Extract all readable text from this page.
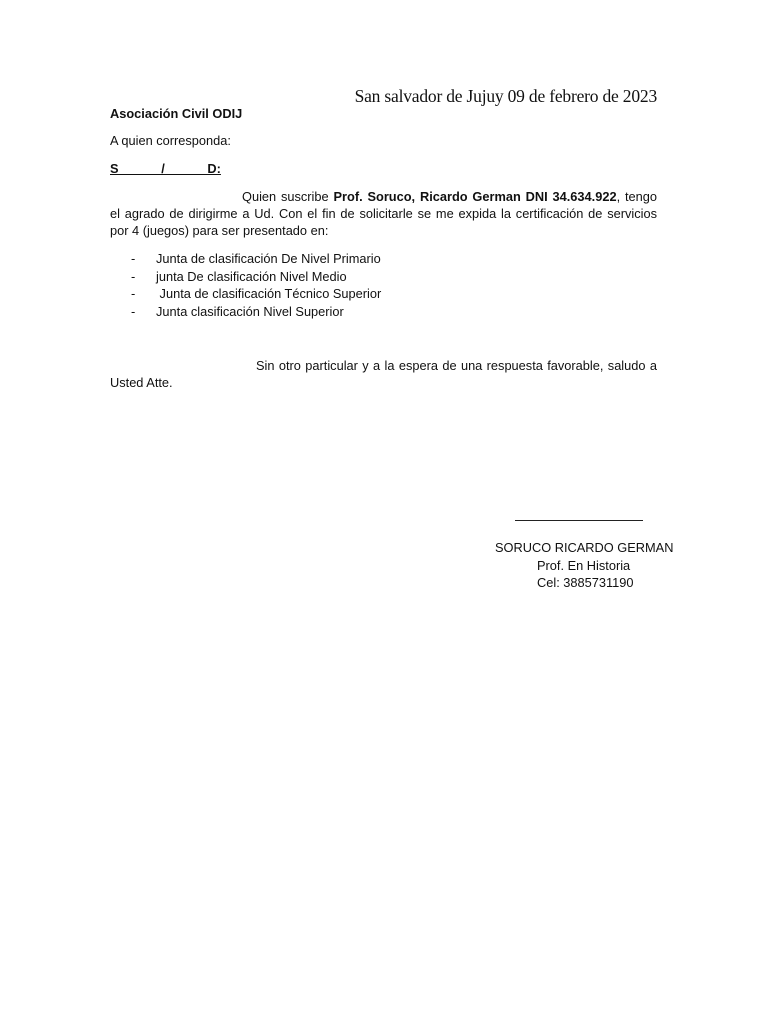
San salvador de Jujuy 09 de febrero de 2023
Asociación Civil ODIJ
A quien corresponda:
S            /            D:
Quien suscribe Prof. Soruco, Ricardo German DNI 34.634.922, tengo el agrado de dirigirme a Ud. Con el fin de solicitarle se me expida la certificación de servicios por 4 (juegos) para ser presentado en:
-	Junta de clasificación De Nivel Primario
-	junta De clasificación Nivel Medio
-	Junta de clasificación Técnico Superior
-	Junta clasificación Nivel Superior
Sin otro particular y a la espera de una respuesta favorable, saludo a Usted Atte.
SORUCO RICARDO GERMAN
Prof. En Historia
Cel: 3885731190
